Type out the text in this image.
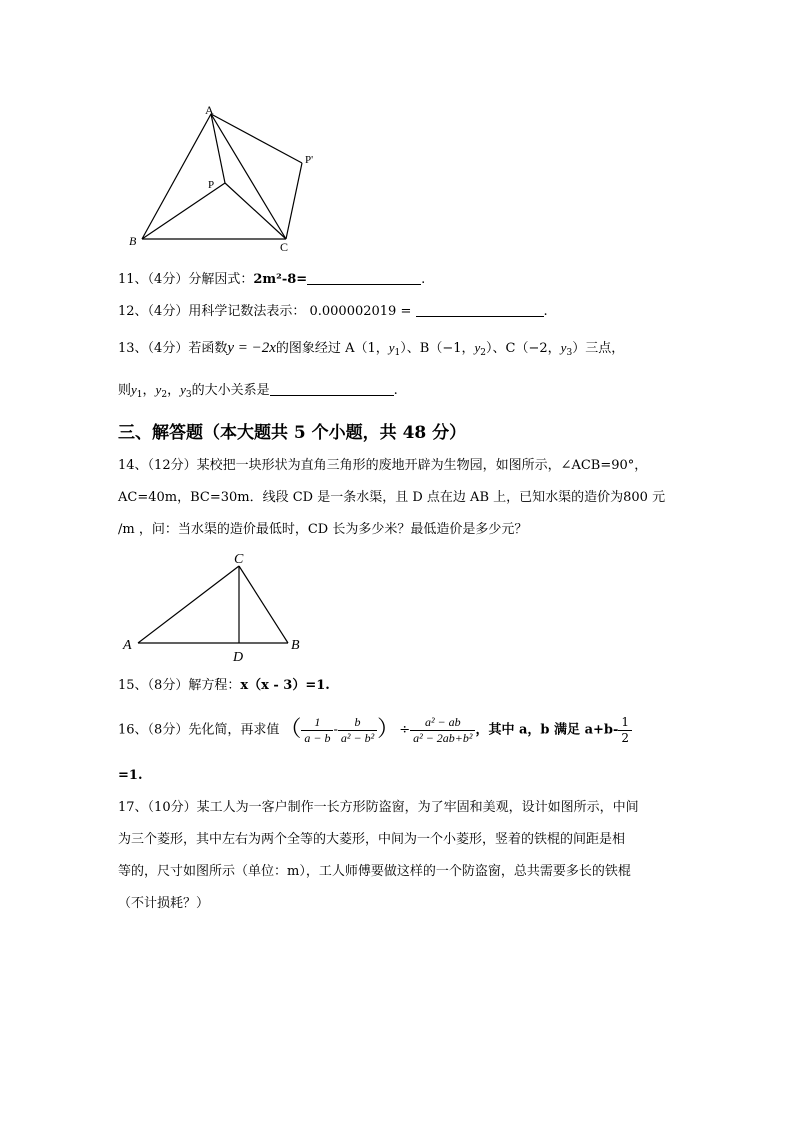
A
B	C
P
P'
11、（4分）分解因式：2m²-8=	.
12、（4分）用科学记数法表示： 0.000002019 =	.
13、（4分）若函数y = −2x的图象经过 A（1，$y_1$）、B（−1，$y_2$）、C（−2，$y_3$）三点，
则$y_1$，$y_2$，$y_3$的大小关系是	.
三、解答题（本大题共 5 个小题，共 48 分）
14、（12分）某校把一块形状为直角三角形的废地开辟为生物园，如图所示，∠ACB=90°，
AC=40m，BC=30m．线段 CD 是一条水渠，且 D 点在边 AB 上，已知水渠的造价为800 元
/m ，问：当水渠的造价最低时，CD 长为多少米？最低造价是多少元？
C
A	B
D
15、（8分）解方程：x（x - 3）=1.
16、（8分）先化简，再求值（ $\frac{1}{a - b} - \frac{b}{\text{a² − b²}}$ ）÷ $\frac{\text{a² − ab}}{\text{a² − 2ab+b²}}$ ，其中 a，b 满足 $a+b- \frac{1}{2}$
=1.
17、（10分）某工人为一客户制作一长方形防盗窗，为了牢固和美观，设计如图所示，中间
为三个菱形，其中左右为两个全等的大菱形，中间为一个小菱形，竖着的铁棍的间距是相
等的，尺寸如图所示（单位：m），工人师傅要做这样的一个防盗窗，总共需要多长的铁棍
（不计损耗？）
